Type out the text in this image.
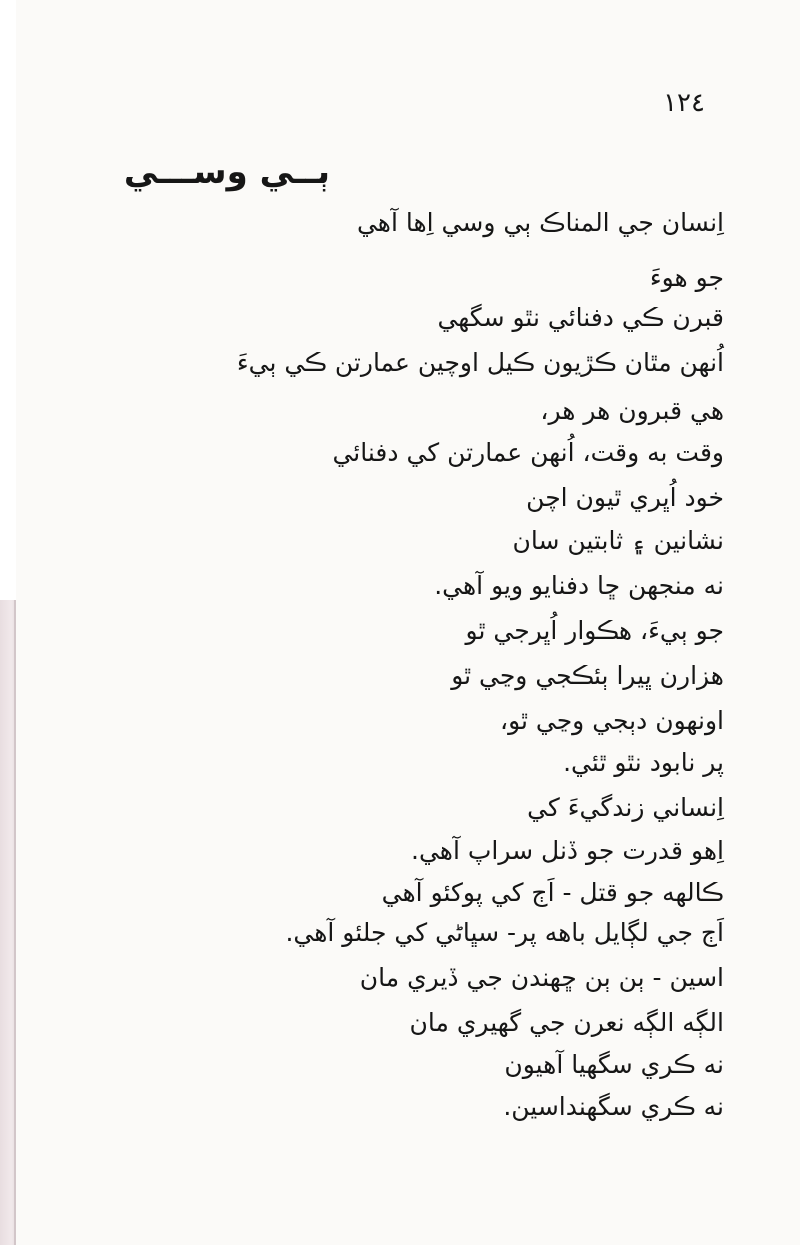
١٢٤
ٻــي وســـي
اِنسان جي المناڪ ٻي وسي اِها آهي
جو هوءَ
قبرن ڪي دفنائي نٿو سگهي
اُنهن مٿان ڪڙيون ڪيل اوچين عمارتن ڪي ٻيءَ
هي قبرون هر هر،
وقت به وقت، اُنهن عمارتن کي دفنائي
خود اُڀري ٿيون اچن
نشانين ۽ ثابتين سان
نه منجهن ڇا دفنايو ويو آهي.
جو ٻيءَ، هڪوار اُڀرجي ٿو
هزارن ڀيرا ٻئڪجي وڃي ٿو
اونهون دٻجي وڃي ٿو،
پر نابود نٿو ٿئي.
اِنساني زندگيءَ کي
اِهو قدرت جو ڏنل سراپ آهي.
ڪالهه جو قتل - اَڄ کي پوکئو آهي
اَڄ جي لڳايل باهه پر- سڀاڻي کي جلئو آهي.
اسين - ٻن ٻن ڇهندن جي ڏيري مان
الڳه الڳه نعرن جي گهيري مان
نه ڪري سگهيا آهيون
نه ڪري سگهنداسين.
